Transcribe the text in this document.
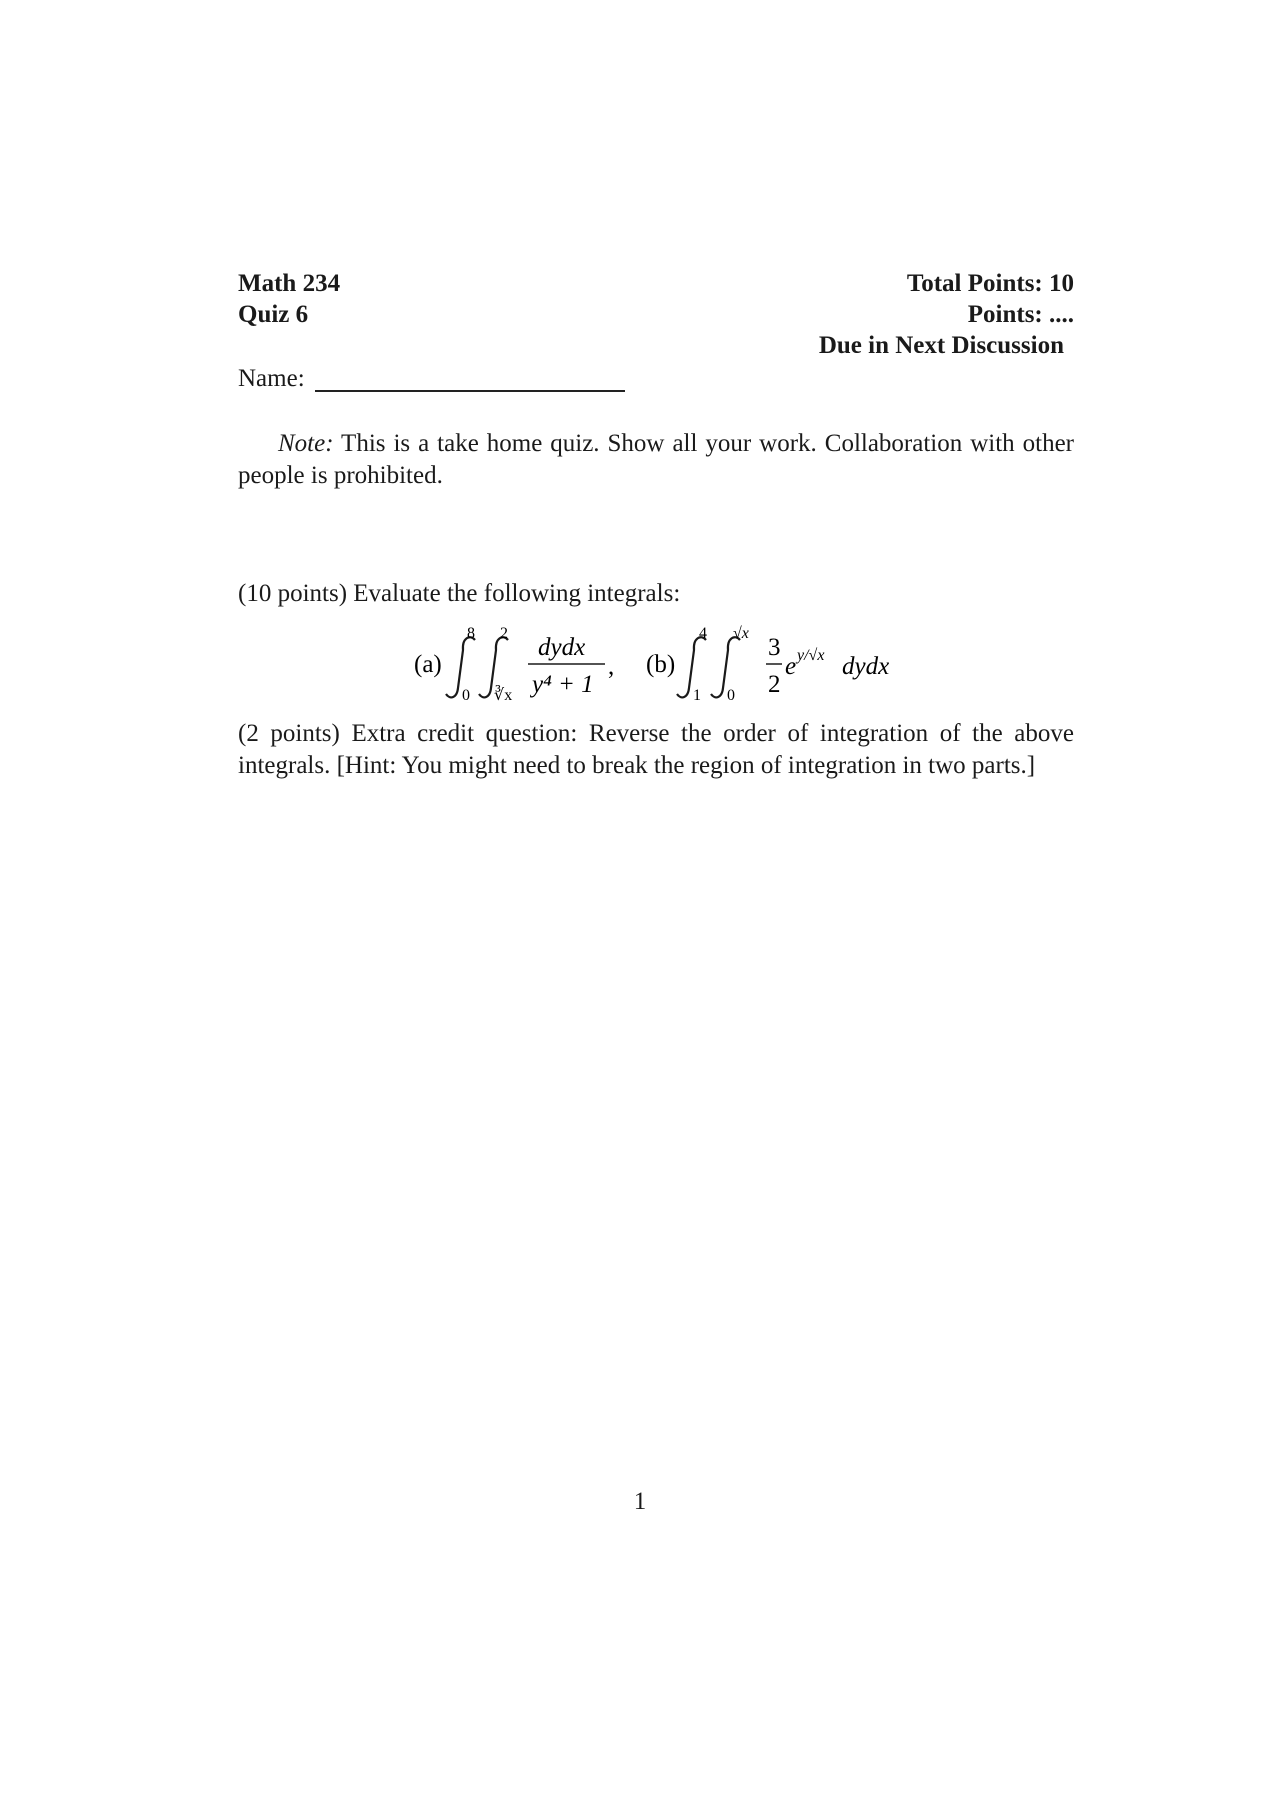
Math 234
Quiz 6
Total Points: 10
Points: ....
Due in Next Discussion
Name:
Note: This is a take home quiz. Show all your work. Collaboration with other people is prohibited.
(10 points) Evaluate the following integrals:
(a)
8
0
2
∛x
dydx
y⁴ + 1
, (b)
4
1
√x
0
3
2
e y/√x dydx
(2 points) Extra credit question: Reverse the order of integration of the above integrals. [Hint: You might need to break the region of integration in two parts.]
1
